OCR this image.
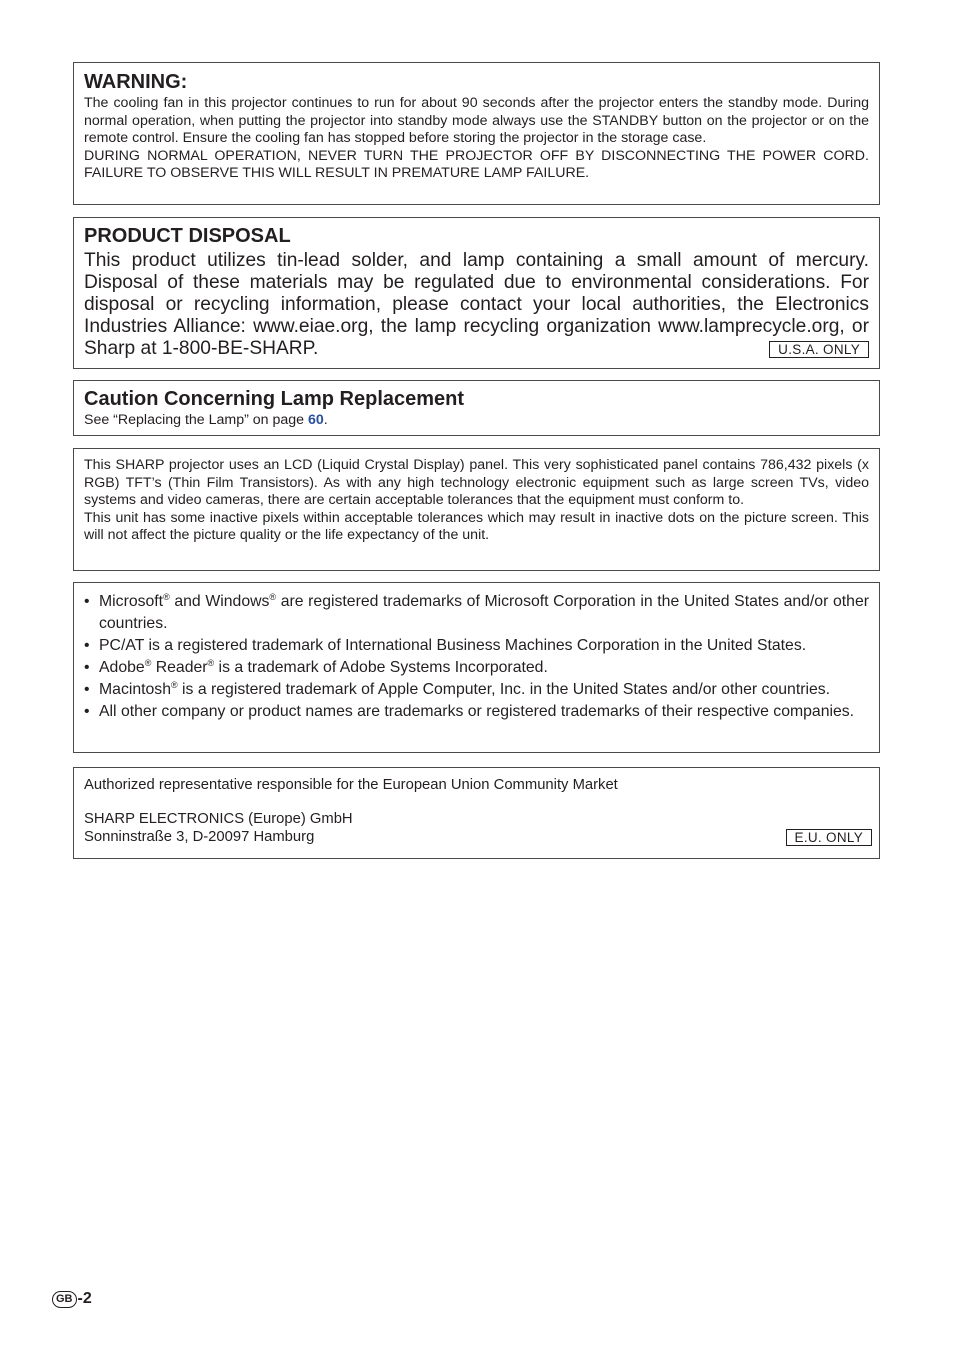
WARNING:

The cooling fan in this projector continues to run for about 90 seconds after the projector enters the standby mode. During normal operation, when putting the projector into standby mode always use the STANDBY button on the projector or on the remote control. Ensure the cooling fan has stopped before storing the projector in the storage case.

DURING NORMAL OPERATION, NEVER TURN THE PROJECTOR OFF BY DISCONNECTING THE POWER CORD. FAILURE TO OBSERVE THIS WILL RESULT IN PREMATURE LAMP FAILURE.

PRODUCT DISPOSAL

This product utilizes tin-lead solder, and lamp containing a small amount of mercury. Disposal of these materials may be regulated due to environmental considerations. For disposal or recycling information, please contact your local authorities, the Electronics Industries Alliance: www.eiae.org, the lamp recycling organization www.lamprecycle.org, or Sharp at 1-800-BE-SHARP.	U.S.A. ONLY
Caution Concerning Lamp Replacement

See “Replacing the Lamp” on page 60.

This SHARP projector uses an LCD (Liquid Crystal Display) panel. This very sophisticated panel contains 786,432 pixels (x RGB) TFT’s (Thin Film Transistors). As with any high technology electronic equipment such as large screen TVs, video systems and video cameras, there are certain acceptable tolerances that the equipment must conform to.

This unit has some inactive pixels within acceptable tolerances which may result in inactive dots on the picture screen. This will not affect the picture quality or the life expectancy of the unit.

• Microsoft® and Windows® are registered trademarks of Microsoft Corporation in the United States and/or other countries.
• PC/AT is a registered trademark of International Business Machines Corporation in the United States.
• Adobe® Reader® is a trademark of Adobe Systems Incorporated.
• Macintosh® is a registered trademark of Apple Computer, Inc. in the United States and/or other countries.
• All other company or product names are trademarks or registered trademarks of their respective companies.

Authorized representative responsible for the European Union Community Market

SHARP ELECTRONICS (Europe) GmbH

Sonninstraße 3, D-20097 Hamburg	E.U. ONLY
GB -2
